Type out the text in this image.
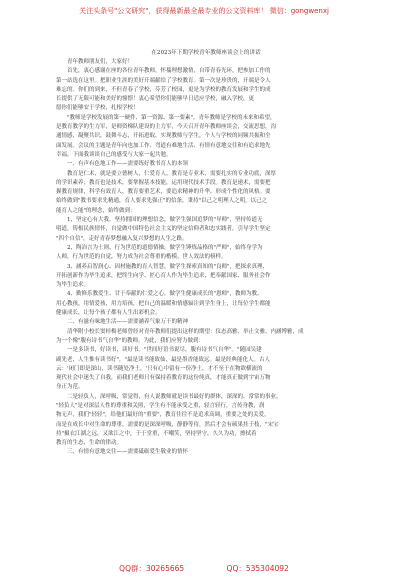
关注头条号"公文研究"，获得最新最全最专业的公文资料库！ 微信：gongwenxj
在2023年下期学校青年教师座谈会上的讲话
青年教师朋友们，大家好！
首先，衷心感谢在座的各位青年教师，怀揣理想激情，自带青春光环，把参加工作的
第一站选在这里。把职业生涯的美好开端献给了学校教育。第一次是珍贵的，开端是令人
难忘的。你们的到来，不但青春了学校，芬芳了校园，更是为学校的教育发展和学生的成
长提供了无限可能和美好的憧憬！衷心希望你们能够早日适应学校，融入学校，更
愿你们能够安于学校，扎根学校！
"教师是学校发展的第一硬件、第一资源、第一要素"，青年教师是学校的未来和希望，
是教育教学的生力军，是师资梯队建设的主力军，今天召开青年教师座谈会，交流思想，沟
通情感，凝聚共识，鼓舞斗志，开拓进取，实现教师与学生，个人与学校的同频共振和全
面发展。会议的主题是青年向也加工作、弯道有难地生活、有情有意地交往和有追求地先
幸福。下面我谈谈自己的感受与大家一起共勉。
一、有声有色地工作——需要练好教书育人的本领
教育是仁术，就是要立德树人，仁爱育人。教育是专业术，需要扎实的专业功底，深厚
的学识素养；教育也是技术，要掌握基本技能，运用现代技术手段。教育是递术，需要把
握教育规律，科学有效育人，教育要重艺术，要追求精神的升华，形成个性化的风格。要
始终做到"教书要求先精通，育人要求先强正"的信条，秉持"以己之明理人之明，以己之
能育人之能"的理念，始终做到：
1、坚定心有大我。坚持拥国的理想信念，做学生强国追梦的"导师"，坚持传道无
明道，铸根民族情怀，自觉做中国特色社会主义的坚定信仰者和忠实践者，引导学生坚定
"四个自信"，走好青春梦想融入复兴梦想的人生之路。
2、陶冶言为士则、行为世范的道德情操，做学生锤炼品格的"严师"，始终身学为
人师，行为世范的自觉，努力成为社会尊重的楷模、世人效法的榜样。
3、涵养启智润心、因材施教的育人智慧，做学生探索真知的"良师"，把探求真理、
开拓创新作为毕生追求，把终生向学、匠心育人作为毕生追求，把奉献国家、服务社会作
为毕生追求。
4、勤修乐教爱生、甘于奉献的仁爱之心，做学生健康成长的"恩师"，教师为教、
用心教孩，用情爱孩，用力培孩，把自己的温暖和情感辐注到学生身上，让每位学生都能
健康成长，让每个孩子都有人生出彩机会。
二、有滋有味地生活——需要涵养气象万千的精神
清华附小校长窦桂梅老师曾经对青年教师们提出这样的期望：仪态高雅、举止文雅、内涵博雅，成
为一个像"腹有诗书气自华"的教师。为此，我们应努力做到：
一是多读书，好读书，读好书。"世间好语书说尽，腹有诗书气自华"。"随园吴建
副先老，人生惟有读书好"，"最是读书能致仙，最是墨香能致远。最是经典能化人。古人
云：'闭门即是深山，读书随处净土。'只有心中留有一份净土，才不至于在物欲横流的
现代社会中迷失了自我，而我们老师只有保持着教育的这份纯真，才能真正做到宇宙万物
身正为范。
二是轻负人，深呼吸，常觉得，有人说教师就是读书最好的群体，深深的、常常的事业，
"轻负人"是对深层人性的尊重和关照，学生有不能承受之重，轻言轻行，言传身教，润
物无声，我们"轻轻"，给他们最好的"重要"，教育往往不是追求高调，重要之处的关爱，
而是在成长中对生命的尊重，需要的是深深呼吸，静静等待，然后才会有硕果挂于枝，"宋宝
持"摄衣江湖之远，又欲江之中，于于堂重，不嘲笑，坚持坚守，久久为功，擦拭着
教育的生态、生命的律动。
三、有情有意地交往——需要砥砺爱生敬业的情怀
QQ群：30265665	QQ：535304092
